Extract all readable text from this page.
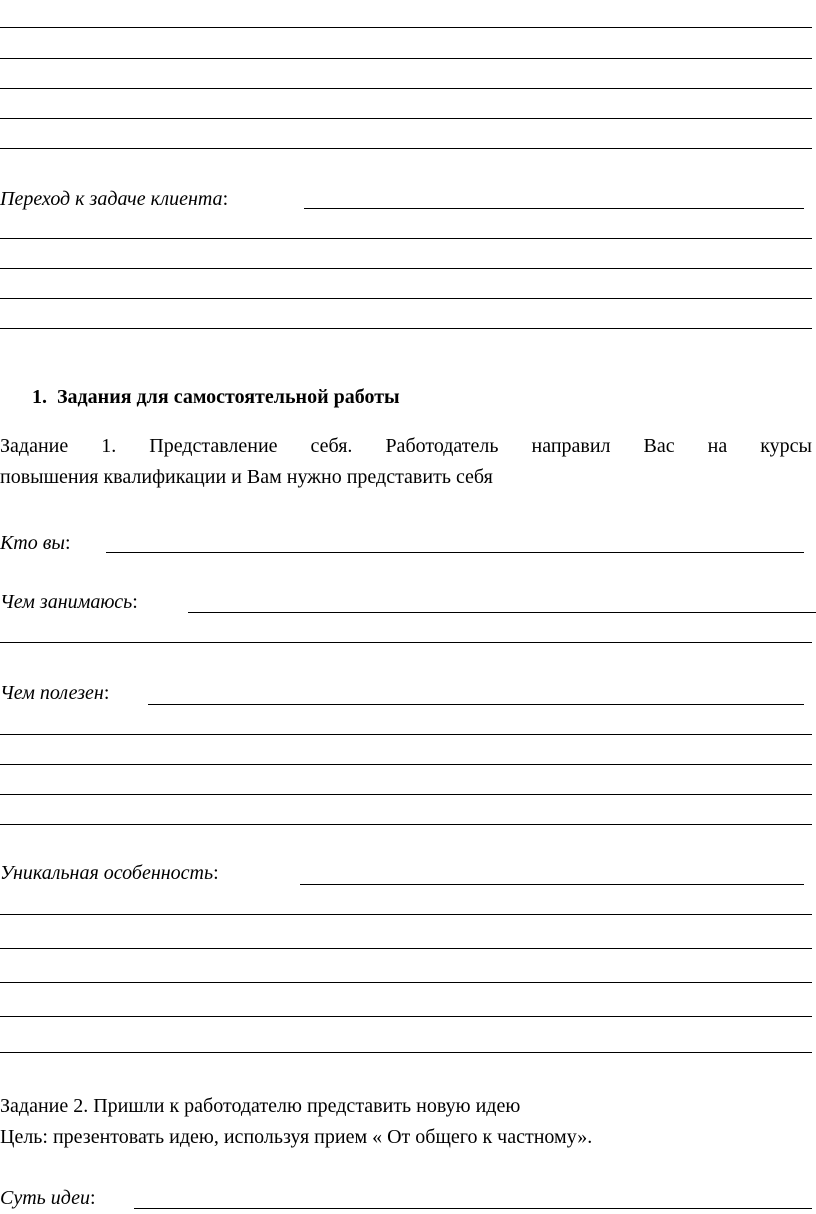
Переход к задаче клиента:
1. Задания для самостоятельной работы
Задание 1. Представление себя. Работодатель направил Вас на курсы
повышения квалификации и Вам нужно представить себя
Кто вы:
Чем занимаюсь:
Чем полезен:
Уникальная особенность:
Задание 2. Пришли к работодателю представить новую идею
Цель: презентовать идею, используя прием « От общего к частному».
Суть идеи:
